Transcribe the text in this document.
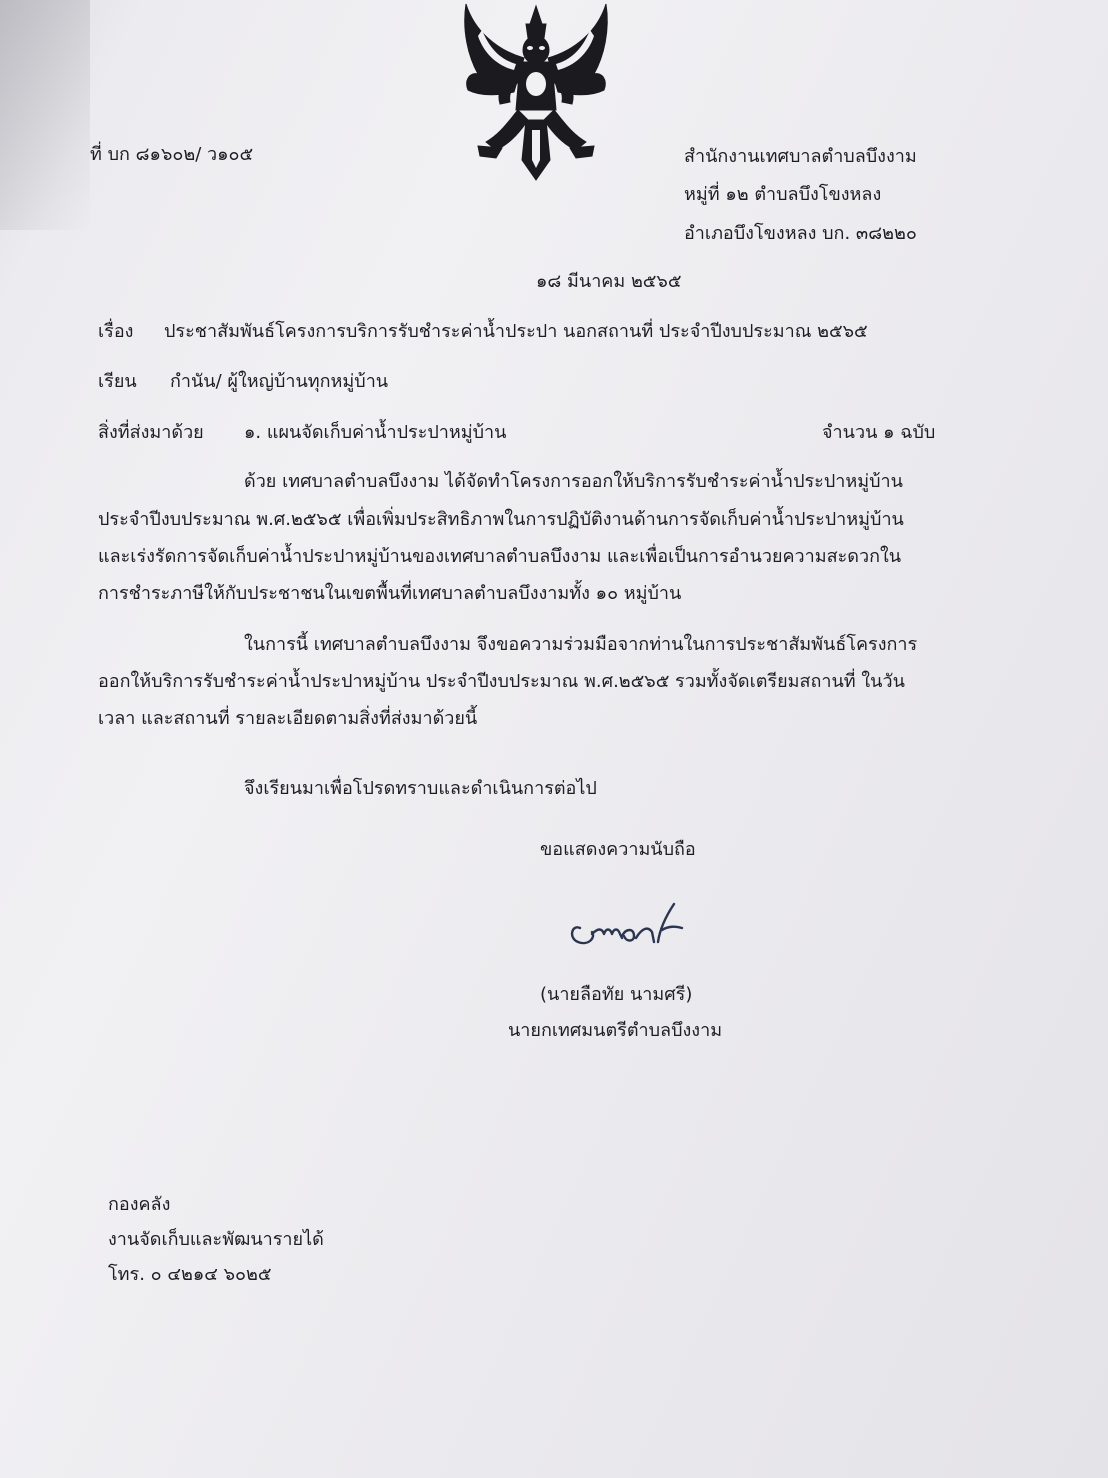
ที่ บก ๘๑๖๐๒/ ว๑๐๕	สำนักงานเทศบาลตำบลบึงงาม
หมู่ที่ ๑๒ ตำบลบึงโขงหลง
อำเภอบึงโขงหลง บก. ๓๘๒๒๐
๑๘ มีนาคม ๒๕๖๕
เรื่อง ประชาสัมพันธ์โครงการบริการรับชำระค่าน้ำประปา นอกสถานที่ ประจำปีงบประมาณ ๒๕๖๕
เรียน กำนัน/ ผู้ใหญ่บ้านทุกหมู่บ้าน
สิ่งที่ส่งมาด้วย ๑. แผนจัดเก็บค่าน้ำประปาหมู่บ้าน	จำนวน ๑ ฉบับ
ด้วย เทศบาลตำบลบึงงาม ได้จัดทำโครงการออกให้บริการรับชำระค่าน้ำประปาหมู่บ้าน
ประจำปีงบประมาณ พ.ศ.๒๕๖๕ เพื่อเพิ่มประสิทธิภาพในการปฏิบัติงานด้านการจัดเก็บค่าน้ำประปาหมู่บ้าน
และเร่งรัดการจัดเก็บค่าน้ำประปาหมู่บ้านของเทศบาลตำบลบึงงาม และเพื่อเป็นการอำนวยความสะดวกใน
การชำระภาษีให้กับประชาชนในเขตพื้นที่เทศบาลตำบลบึงงามทั้ง ๑๐ หมู่บ้าน
ในการนี้ เทศบาลตำบลบึงงาม จึงขอความร่วมมือจากท่านในการประชาสัมพันธ์โครงการ
ออกให้บริการรับชำระค่าน้ำประปาหมู่บ้าน ประจำปีงบประมาณ พ.ศ.๒๕๖๕ รวมทั้งจัดเตรียมสถานที่ ในวัน
เวลา และสถานที่ รายละเอียดตามสิ่งที่ส่งมาด้วยนี้
จึงเรียนมาเพื่อโปรดทราบและดำเนินการต่อไป
ขอแสดงความนับถือ
(นายลือทัย นามศรี)
นายกเทศมนตรีตำบลบึงงาม
กองคลัง
งานจัดเก็บและพัฒนารายได้
โทร. ๐ ๔๒๑๔ ๖๐๒๕
